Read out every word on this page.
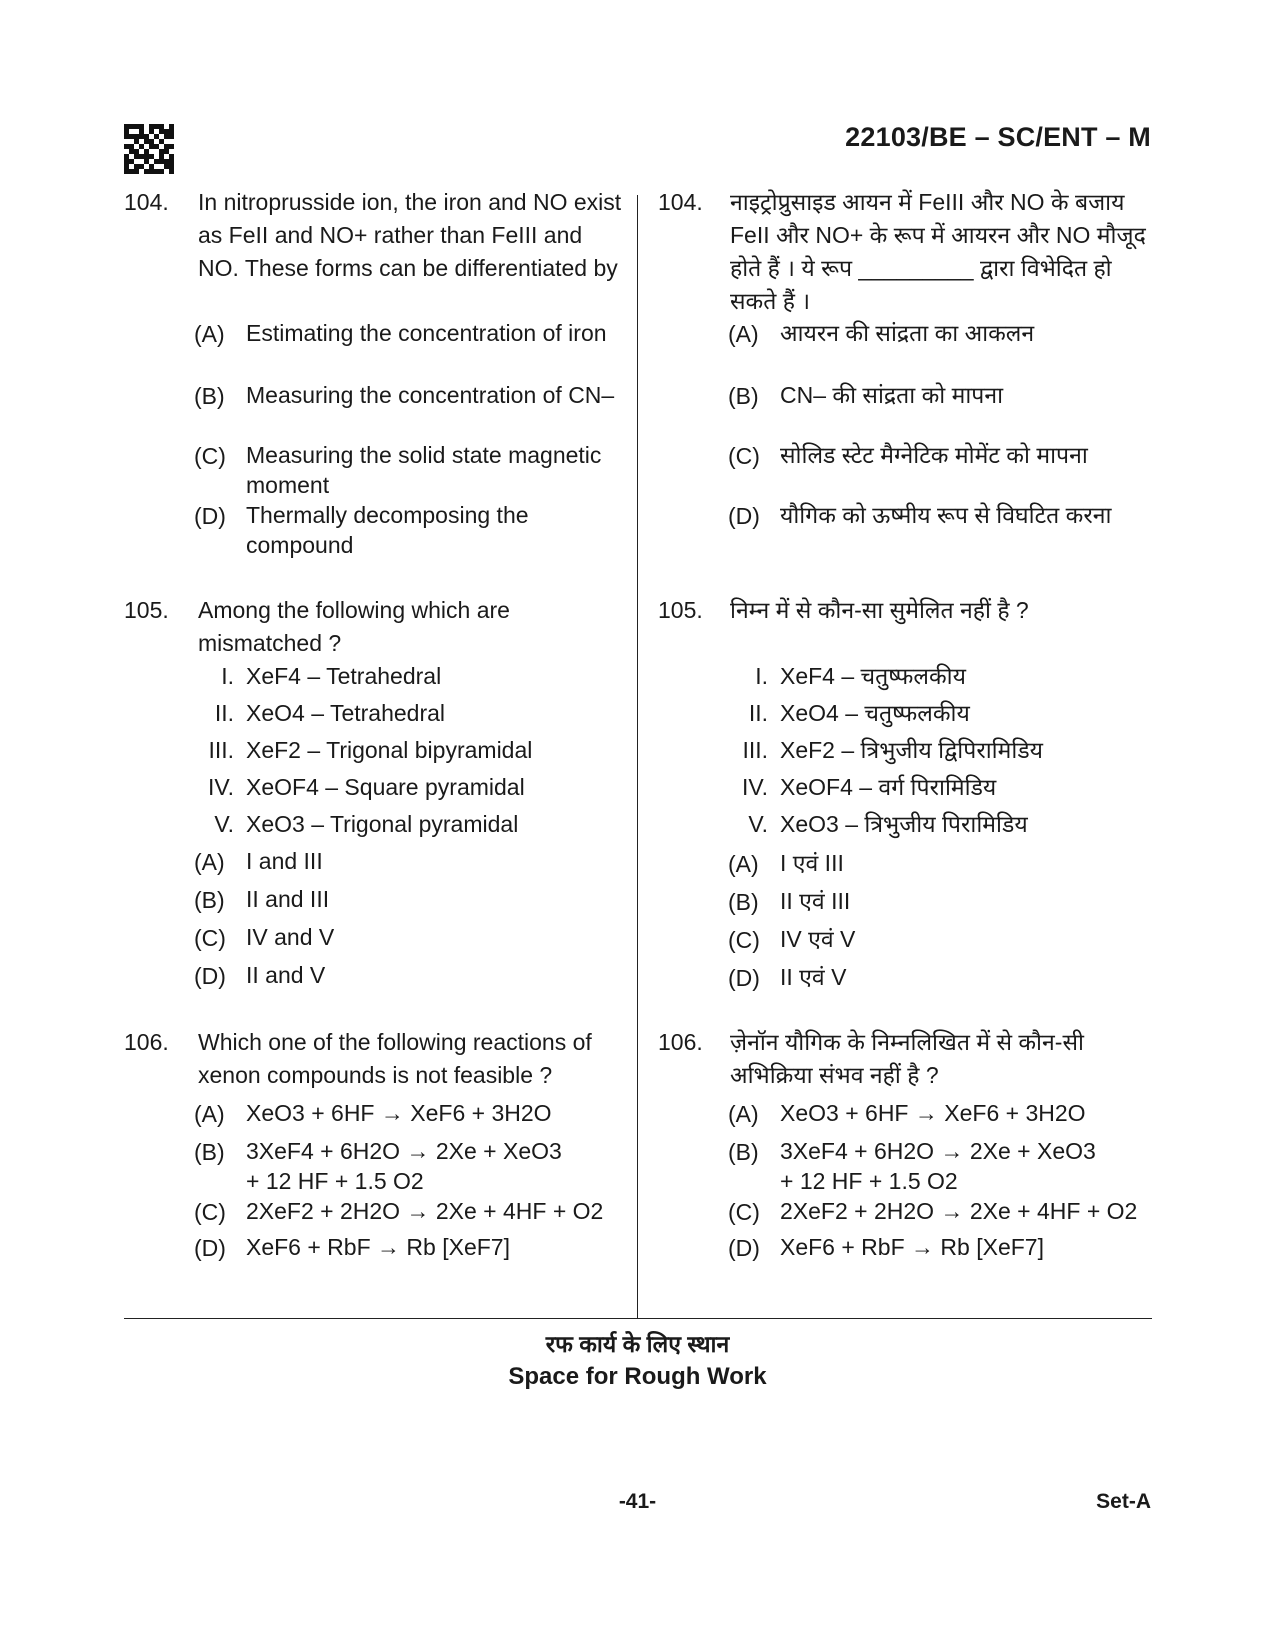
22103/BE – SC/ENT – M
104. In nitroprusside ion, the iron and NO exist as FeII and NO+ rather than FeIII and NO. These forms can be differentiated by
(A) Estimating the concentration of iron
(B) Measuring the concentration of CN–
(C) Measuring the solid state magnetic moment
(D) Thermally decomposing the compound
105. Among the following which are mismatched ?
I. XeF4 – Tetrahedral
II. XeO4 – Tetrahedral
III. XeF2 – Trigonal bipyramidal
IV. XeOF4 – Square pyramidal
V. XeO3 – Trigonal pyramidal
(A) I and III
(B) II and III
(C) IV and V
(D) II and V
106. Which one of the following reactions of xenon compounds is not feasible ?
(A) XeO3 + 6HF → XeF6 + 3H2O
(B) 3XeF4 + 6H2O → 2Xe + XeO3 + 12 HF + 1.5 O2
(C) 2XeF2 + 2H2O → 2Xe + 4HF + O2
(D) XeF6 + RbF → Rb [XeF7]
104. नाइट्रोप्रुसाइड आयन में FeIII और NO के बजाय FeII और NO+ के रूप में आयरन और NO मौजूद होते हैं । ये रूप _________ द्वारा विभेदित हो सकते हैं ।
(A) आयरन की सांद्रता का आकलन
(B) CN– की सांद्रता को मापना
(C) सोलिड स्टेट मैग्नेटिक मोमेंट को मापना
(D) यौगिक को ऊष्मीय रूप से विघटित करना
105. निम्न में से कौन-सा सुमेलित नहीं है ?
I. XeF4 – चतुष्फलकीय
II. XeO4 – चतुष्फलकीय
III. XeF2 – त्रिभुजीय द्विपिरामिडिय
IV. XeOF4 – वर्ग पिरामिडिय
V. XeO3 – त्रिभुजीय पिरामिडिय
(A) I एवं III
(B) II एवं III
(C) IV एवं V
(D) II एवं V
106. ज़ेनॉन यौगिक के निम्नलिखित में से कौन-सी अभिक्रिया संभव नहीं है ?
(A) XeO3 + 6HF → XeF6 + 3H2O
(B) 3XeF4 + 6H2O → 2Xe + XeO3 + 12 HF + 1.5 O2
(C) 2XeF2 + 2H2O → 2Xe + 4HF + O2
(D) XeF6 + RbF → Rb [XeF7]
रफ कार्य के लिए स्थान
Space for Rough Work
-41-	Set-A
